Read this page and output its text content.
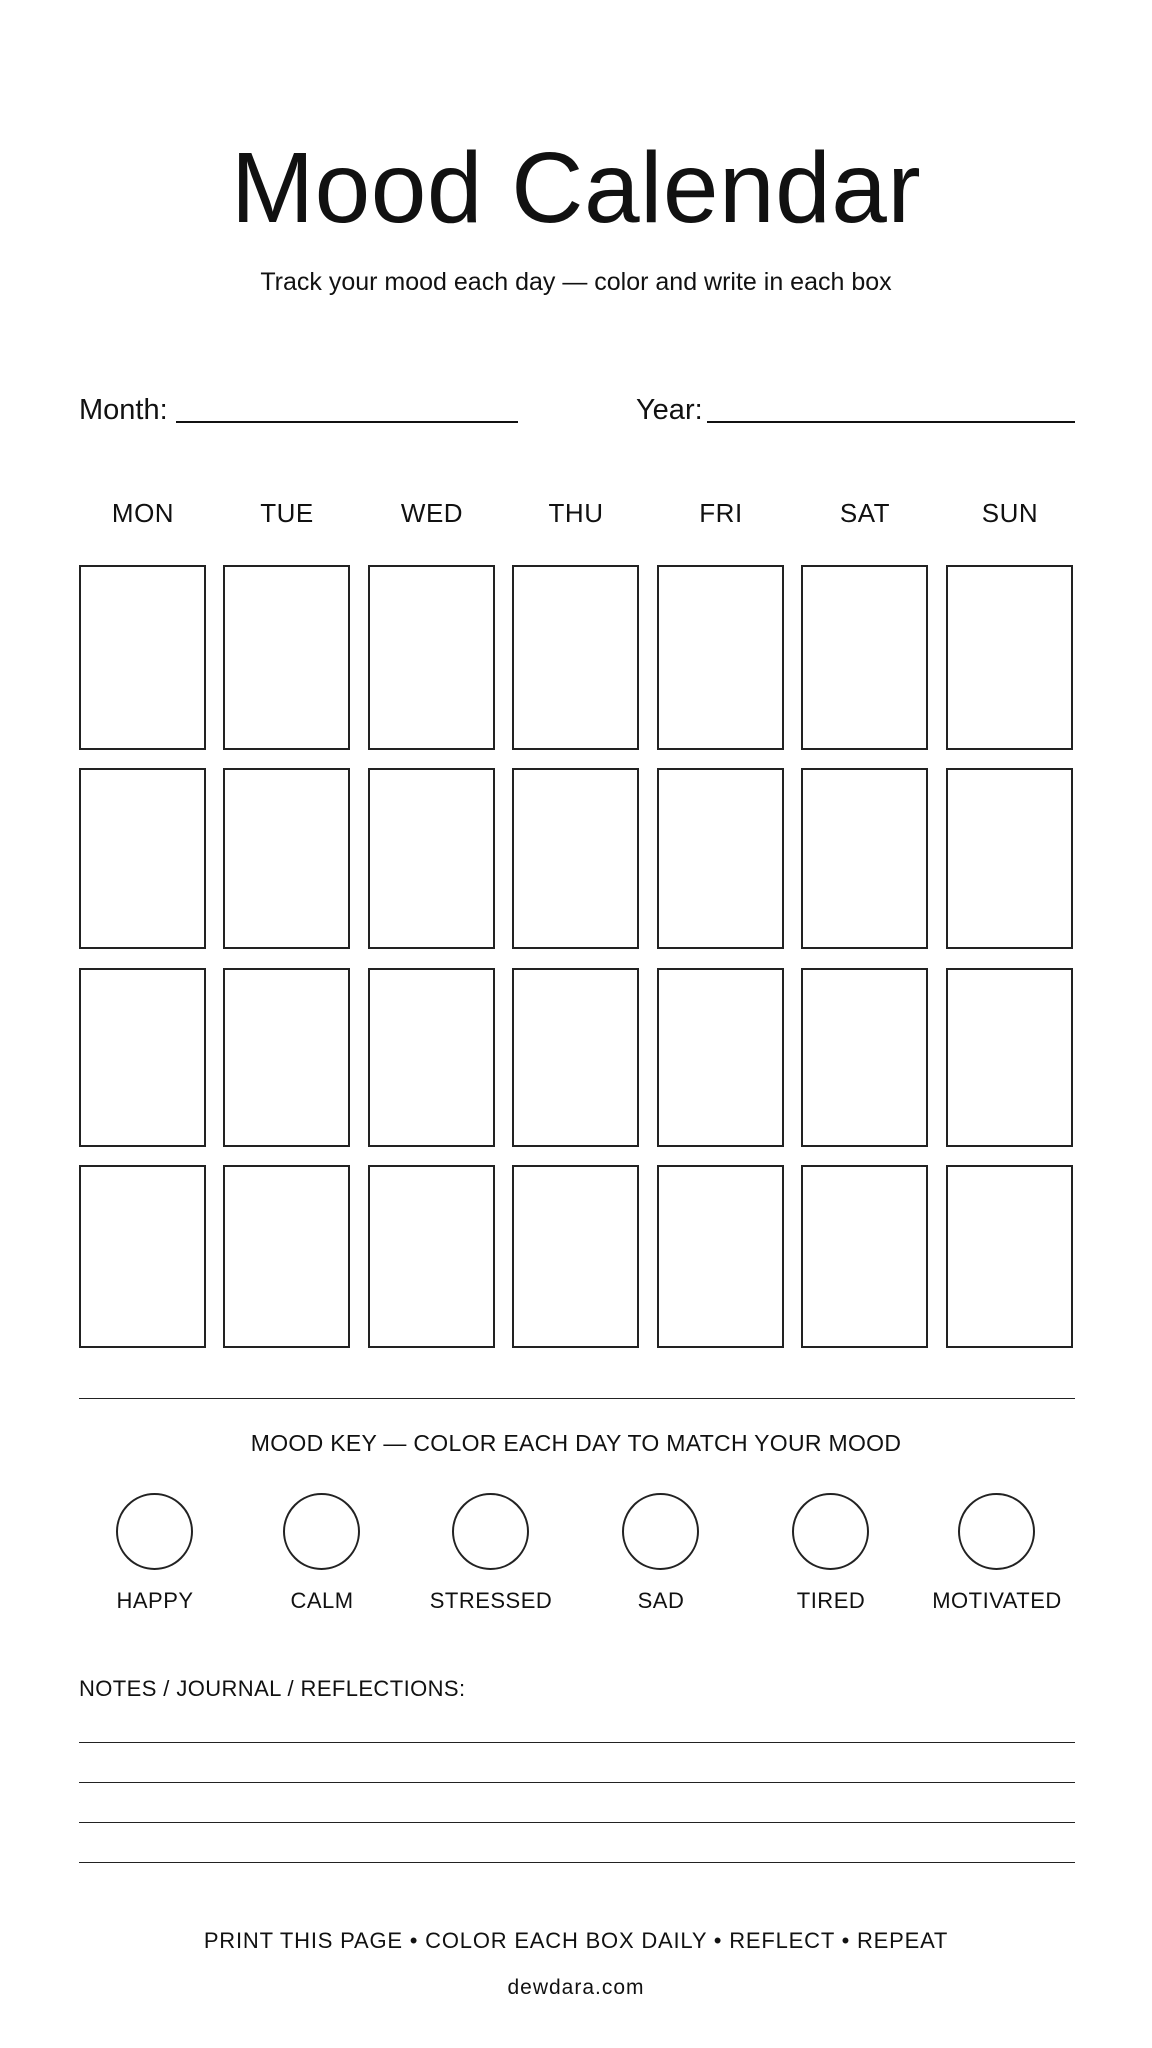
Mood Calendar
Track your mood each day — color and write in each box
Month:	Year:
MON	TUE	WED	THU	FRI	SAT	SUN
MOOD KEY — COLOR EACH DAY TO MATCH YOUR MOOD
HAPPY	CALM	STRESSED	SAD	TIRED	MOTIVATED
NOTES / JOURNAL / REFLECTIONS:
PRINT THIS PAGE • COLOR EACH BOX DAILY • REFLECT • REPEAT
dewdara.com
